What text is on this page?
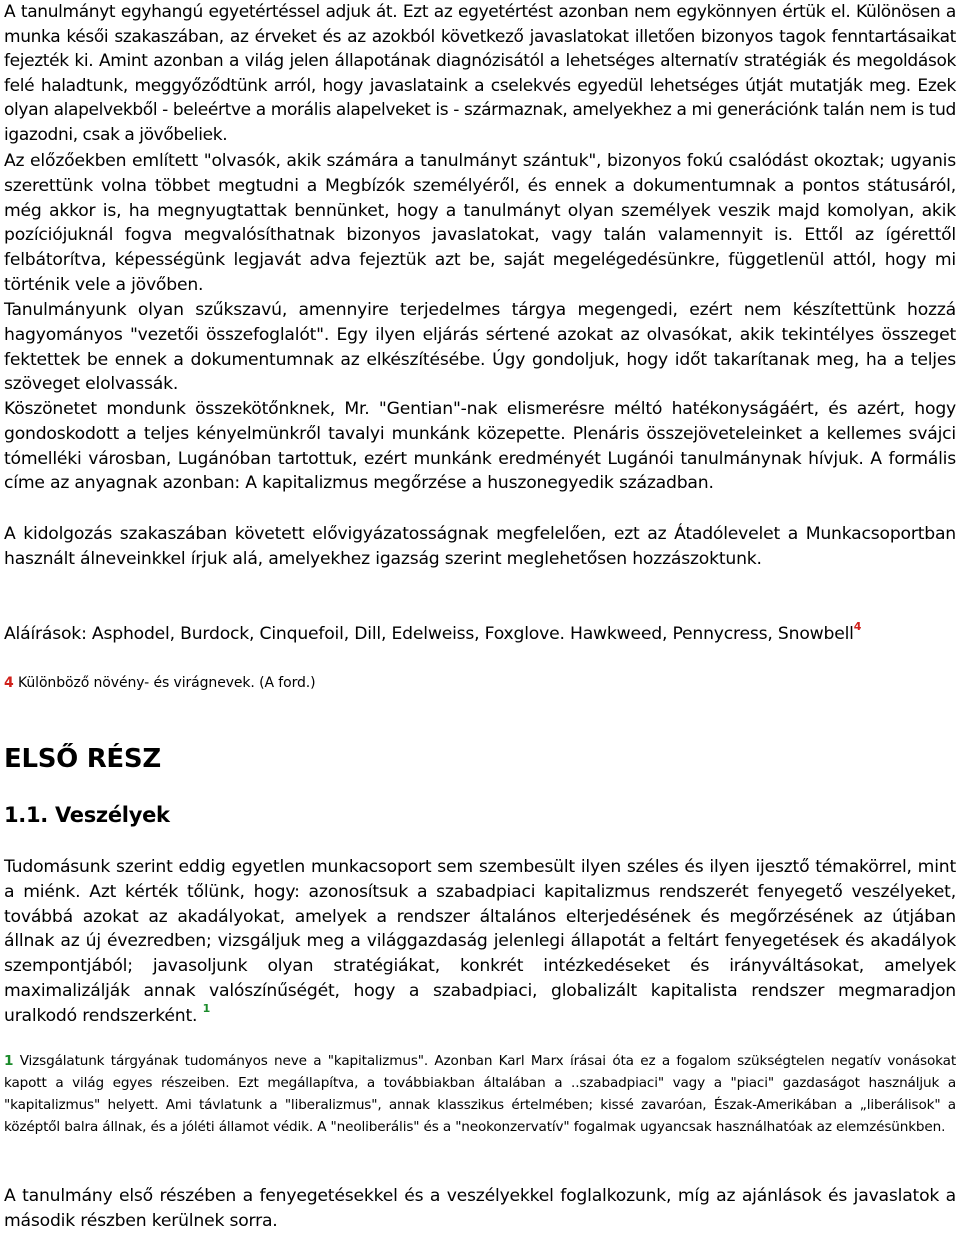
A tanulmányt egyhangú egyetértéssel adjuk át. Ezt az egyetértést azonban nem egykönnyen értük el. Különösen a munka késői szakaszában, az érveket és az azokból következő javaslatokat illetően bizonyos tagok fenntartásaikat fejezték ki. Amint azonban a világ jelen állapotának diagnózisától a lehetséges alternatív stratégiák és megoldások felé haladtunk, meggyőződtünk arról, hogy javaslataink a cselekvés egyedül lehetséges útját mutatják meg. Ezek olyan alapelvekből - beleértve a morális alapelveket is - származnak, amelyekhez a mi generációnk talán nem is tud igazodni, csak a jövőbeliek.

Az előzőekben említett "olvasók, akik számára a tanulmányt szántuk", bizonyos fokú csalódást okoztak; ugyanis szerettünk volna többet megtudni a Megbízók személyéről, és ennek a dokumentumnak a pontos státusáról, még akkor is, ha megnyugtattak bennünket, hogy a tanulmányt olyan személyek veszik majd komolyan, akik pozíciójuknál fogva megvalósíthatnak bizonyos javaslatokat, vagy talán valamennyit is. Ettől az ígérettől felbátorítva, képességünk legjavát adva fejeztük azt be, saját megelégedésünkre, függetlenül attól, hogy mi történik vele a jövőben.

Tanulmányunk olyan szűkszavú, amennyire terjedelmes tárgya megengedi, ezért nem készítettünk hozzá hagyományos "vezetői összefoglalót". Egy ilyen eljárás sértené azokat az olvasókat, akik tekintélyes összeget fektettek be ennek a dokumentumnak az elkészítésébe. Úgy gondoljuk, hogy időt takarítanak meg, ha a teljes szöveget elolvassák.

Köszönetet mondunk összekötőnknek, Mr. "Gentian"-nak elismerésre méltó hatékonyságáért, és azért, hogy gondoskodott a teljes kényelmünkről tavalyi munkánk közepette. Plenáris összejöveteleinket a kellemes svájci tómelléki városban, Lugánóban tartottuk, ezért munkánk eredményét Lugánói tanulmánynak hívjuk. A formális címe az anyagnak azonban: A kapitalizmus megőrzése a huszonegyedik században.

A kidolgozás szakaszában követett elővigyázatosságnak megfelelően, ezt az Átadólevelet a Munkacsoportban használt álneveinkkel írjuk alá, amelyekhez igazság szerint meglehetősen hozzászoktunk.

Aláírások: Asphodel, Burdock, Cinquefoil, Dill, Edelweiss, Foxglove. Hawkweed, Pennycress, Snowbell$^4$

4 Különböző növény- és virágnevek. (A ford.)

ELSŐ RÉSZ
1.1. Veszélyek

Tudomásunk szerint eddig egyetlen munkacsoport sem szembesült ilyen széles és ilyen ijesztő témakörrel, mint a miénk. Azt kérték tőlünk, hogy: azonosítsuk a szabadpiaci kapitalizmus rendszerét fenyegető veszélyeket, továbbá azokat az akadályokat, amelyek a rendszer általános elterjedésének és megőrzésének az útjában állnak az új évezredben; vizsgáljuk meg a világgazdaság jelenlegi állapotát a feltárt fenyegetések és akadályok szempontjából; javasoljunk olyan stratégiákat, konkrét intézkedéseket és irányváltásokat, amelyek maximalizálják annak valószínűségét, hogy a szabadpiaci, globalizált kapitalista rendszer megmaradjon uralkodó rendszerként. $^1$

1 Vizsgálatunk tárgyának tudományos neve a "kapitalizmus". Azonban Karl Marx írásai óta ez a fogalom szükségtelen negatív vonásokat kapott a világ egyes részeiben. Ezt megállapítva, a továbbiakban általában a ..szabadpiaci" vagy a "piaci" gazdaságot használjuk a "kapitalizmus" helyett. Ami távlatunk a "liberalizmus", annak klasszikus értelmében; kissé zavaróan, Észak-Amerikában a „liberálisok" a középtől balra állnak, és a jóléti államot védik. A "neoliberális" és a "neokonzervatív" fogalmak ugyancsak használhatóak az elemzésünkben.

A tanulmány első részében a fenyegetésekkel és a veszélyekkel foglalkozunk, míg az ajánlások és javaslatok a második részben kerülnek sorra.
